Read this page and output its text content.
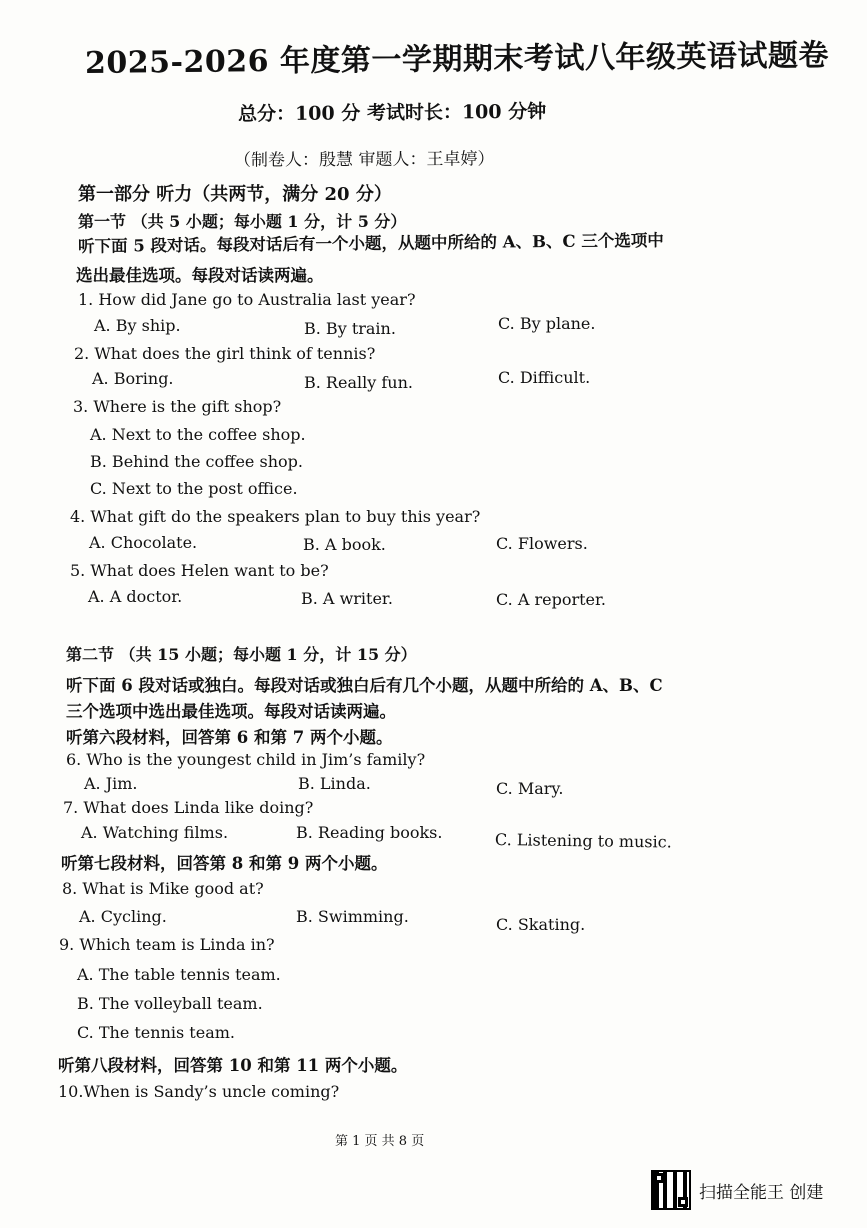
2025-2026 年度第一学期期末考试八年级英语试题卷
总分：100 分 考试时长：100 分钟
（制卷人：殷慧 审题人：王卓婷）
第一部分 听力（共两节，满分 20 分）
第一节 （共 5 小题；每小题 1 分，计 5 分）
听下面 5 段对话。每段对话后有一个小题，从题中所给的 A、B、C 三个选项中
选出最佳选项。每段对话读两遍。
1. How did Jane go to Australia last year?
A. By ship.	B. By train.	C. By plane.
2. What does the girl think of tennis?
A. Boring.	B. Really fun.	C. Difficult.
3. Where is the gift shop?
A. Next to the coffee shop.
B. Behind the coffee shop.
C. Next to the post office.
4. What gift do the speakers plan to buy this year?
A. Chocolate.	B. A book.	C. Flowers.
5. What does Helen want to be?
A. A doctor.	B. A writer.	C. A reporter.
第二节 （共 15 小题；每小题 1 分，计 15 分）
听下面 6 段对话或独白。每段对话或独白后有几个小题，从题中所给的 A、B、C
三个选项中选出最佳选项。每段对话读两遍。
听第六段材料，回答第 6 和第 7 两个小题。
6. Who is the youngest child in Jim’s family?
A. Jim.	B. Linda.	C. Mary.
7. What does Linda like doing?
A. Watching films.	B. Reading books.	C. Listening to music.
听第七段材料，回答第 8 和第 9 两个小题。
8. What is Mike good at?
A. Cycling.	B. Swimming.	C. Skating.
9. Which team is Linda in?
A. The table tennis team.
B. The volleyball team.
C. The tennis team.
听第八段材料，回答第 10 和第 11 两个小题。
10.When is Sandy’s uncle coming?
第 1 页 共 8 页
扫描全能王 创建
